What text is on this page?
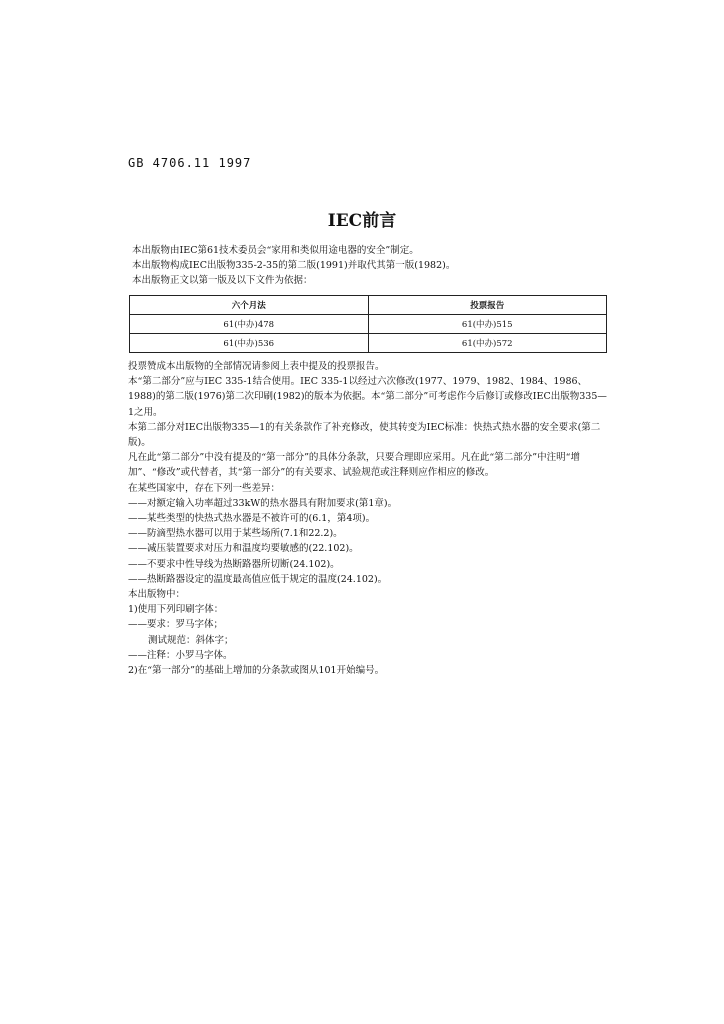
GB 4706.11 1997
IEC前言

本出版物由IEC第61技术委员会“家用和类似用途电器的安全”制定。

本出版物构成IEC出版物335-2-35的第二版(1991)并取代其第一版(1982)。

本出版物正文以第一版及以下文件为依据：

六个月法	投票报告
61(中办)478	61(中办)515
61(中办)536	61(中办)572

投票赞成本出版物的全部情况请参阅上表中提及的投票报告。

本“第二部分”应与IEC 335-1结合使用。IEC 335-1以经过六次修改(1977、1979、1982、1984、1986、1988)的第二版(1976)第二次印刷(1982)的版本为依据。本“第二部分”可考虑作今后修订或修改IEC出版物335—1之用。

本第二部分对IEC出版物335—1的有关条款作了补充修改，使其转变为IEC标准：快热式热水器的安全要求(第二版)。

凡在此“第二部分”中没有提及的“第一部分”的具体分条款，只要合理即应采用。凡在此“第二部分”中注明“增加”、“修改”或代替者，其“第一部分”的有关要求、试验规范或注释则应作相应的修改。

在某些国家中，存在下列一些差异：

——对额定输入功率超过33kW的热水器具有附加要求(第1章)。

——某些类型的快热式热水器是不被许可的(6.1，第4项)。

——防滴型热水器可以用于某些场所(7.1和22.2)。

——减压装置要求对压力和温度均要敏感的(22.102)。

——不要求中性导线为热断路器所切断(24.102)。

——热断路器设定的温度最高值应低于规定的温度(24.102)。

本出版物中：

1)使用下列印刷字体：

——要求：罗马字体；

测试规范：斜体字；

——注释：小罗马字体。

2)在“第一部分”的基础上增加的分条款或图从101开始编号。
